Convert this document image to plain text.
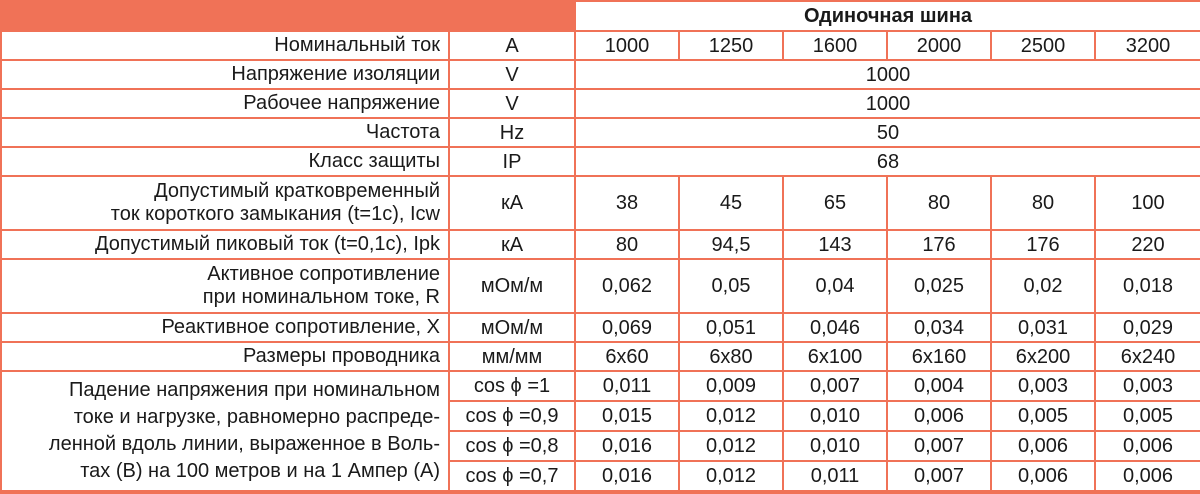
		Одиночная шина					
Номинальный ток	A	1000	1250	1600	2000	2500	3200
Напряжение изоляции	V	1000					
Рабочее напряжение	V	1000					
Частота	Hz	50					
Класс защиты	IP	68					

Допустимый кратковременный
ток короткого замыкания (t=1c), Icw	кА	38	45	65	80	80	100
Допустимый пиковый ток (t=0,1c), Ipk	кА	80	94,5	143	176	176	220

Активное сопротивление
при номинальном токе, R	мОм/м	0,062	0,05	0,04	0,025	0,02	0,018
Реактивное сопротивление, X	мОм/м	0,069	0,051	0,046	0,034	0,031	0,029
Размеры проводника	мм/мм	6x60	6x80	6x100	6x160	6x200	6x240

Падение напряжения при номинальном
токе и нагрузке, равномерно распреде-
ленной вдоль линии, выраженное в Воль-
тах (В) на 100 метров и на 1 Ампер (А)	cos ϕ =1	0,011	0,009	0,007	0,004	0,003	0,003
	cos ϕ =0,9	0,015	0,012	0,010	0,006	0,005	0,005
	cos ϕ =0,8	0,016	0,012	0,010	0,007	0,006	0,006
	cos ϕ =0,7	0,016	0,012	0,011	0,007	0,006	0,006
